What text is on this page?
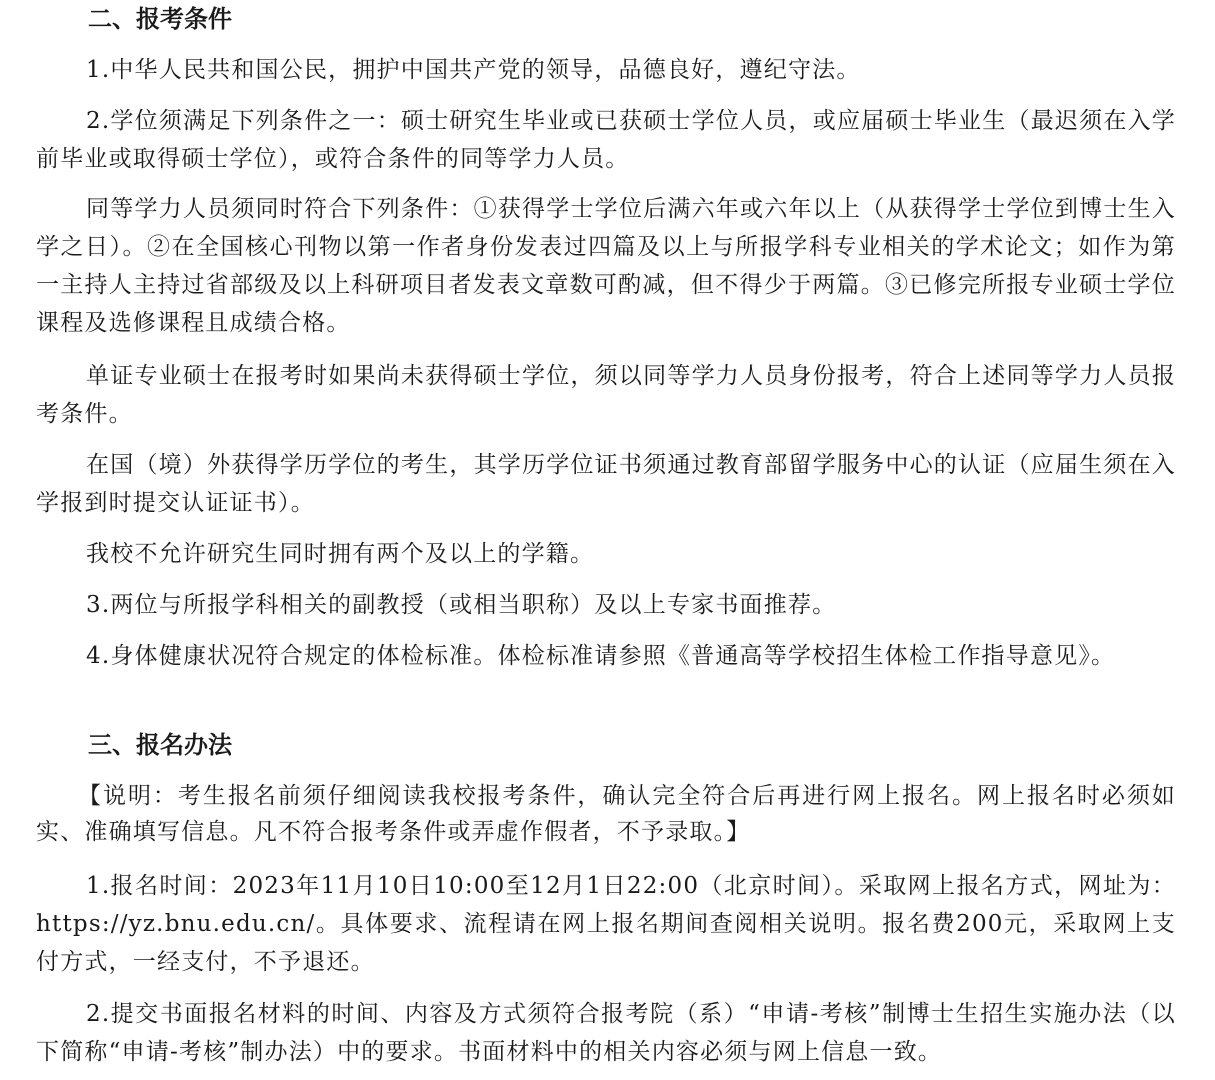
二、报考条件

1.中华人民共和国公民，拥护中国共产党的领导，品德良好，遵纪守法。

2.学位须满足下列条件之一：硕士研究生毕业或已获硕士学位人员，或应届硕士毕业生（最迟须在入学前毕业或取得硕士学位），或符合条件的同等学力人员。

同等学力人员须同时符合下列条件：①获得学士学位后满六年或六年以上（从获得学士学位到博士生入学之日）。②在全国核心刊物以第一作者身份发表过四篇及以上与所报学科专业相关的学术论文；如作为第一主持人主持过省部级及以上科研项目者发表文章数可酌减，但不得少于两篇。③已修完所报专业硕士学位课程及选修课程且成绩合格。

单证专业硕士在报考时如果尚未获得硕士学位，须以同等学力人员身份报考，符合上述同等学力人员报考条件。

在国（境）外获得学历学位的考生，其学历学位证书须通过教育部留学服务中心的认证（应届生须在入学报到时提交认证证书）。

我校不允许研究生同时拥有两个及以上的学籍。

3.两位与所报学科相关的副教授（或相当职称）及以上专家书面推荐。

4.身体健康状况符合规定的体检标准。体检标准请参照《普通高等学校招生体检工作指导意见》。

三、报名办法

【说明：考生报名前须仔细阅读我校报考条件，确认完全符合后再进行网上报名。网上报名时必须如实、准确填写信息。凡不符合报考条件或弄虚作假者，不予录取。】

1.报名时间：2023年11月10日10:00至12月1日22:00（北京时间）。采取网上报名方式，网址为：https://yz.bnu.edu.cn/。具体要求、流程请在网上报名期间查阅相关说明。报名费200元，采取网上支付方式，一经支付，不予退还。

2.提交书面报名材料的时间、内容及方式须符合报考院（系）“申请-考核”制博士生招生实施办法（以下简称“申请-考核”制办法）中的要求。书面材料中的相关内容必须与网上信息一致。
